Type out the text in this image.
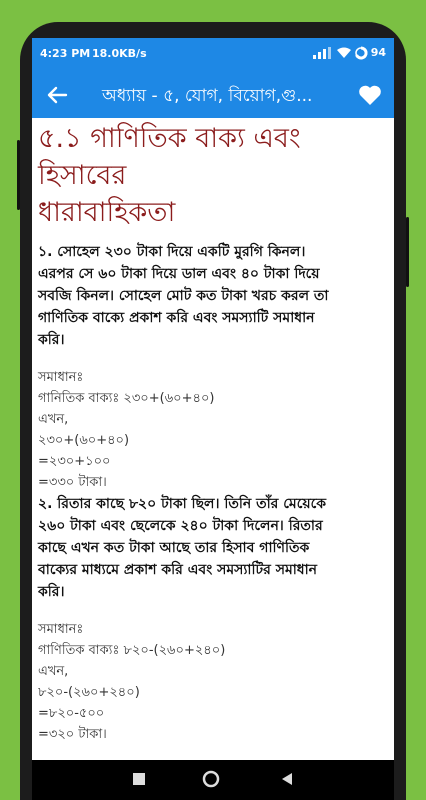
4:23 PM 18.0KB/s	94
অধ্যায় - ৫, যোগ, বিয়োগ,গু...
৫.১ গাণিতিক বাক্য এবং হিসাবের
ধারাবাহিকতা

১. সোহেল ২৩০ টাকা দিয়ে একটি মুরগি কিনল।

এরপর সে ৬০ টাকা দিয়ে ডাল এবং ৪০ টাকা দিয়ে

সবজি কিনল। সোহেল মোট কত টাকা খরচ করল তা

গাণিতিক বাক্যে প্রকাশ করি এবং সমস্যাটি সমাধান

করি।

সমাধানঃ

গানিতিক বাক্যঃ ২৩০+(৬০+৪০)

এখন,

২৩০+(৬০+৪০)

=২৩০+১০০

=৩৩০ টাকা।

২. রিতার কাছে ৮২০ টাকা ছিল। তিনি তাঁর মেয়েকে

২৬০ টাকা এবং ছেলেকে ২৪০ টাকা দিলেন। রিতার

কাছে এখন কত টাকা আছে তার হিসাব গাণিতিক

বাক্যের মাধ্যমে প্রকাশ করি এবং সমস্যাটির সমাধান

করি।

সমাধানঃ

গাণিতিক বাক্যঃ ৮২০-(২৬০+২৪০)

এখন,

৮২০-(২৬০+২৪০)

=৮২০-৫০০

=৩২০ টাকা।
